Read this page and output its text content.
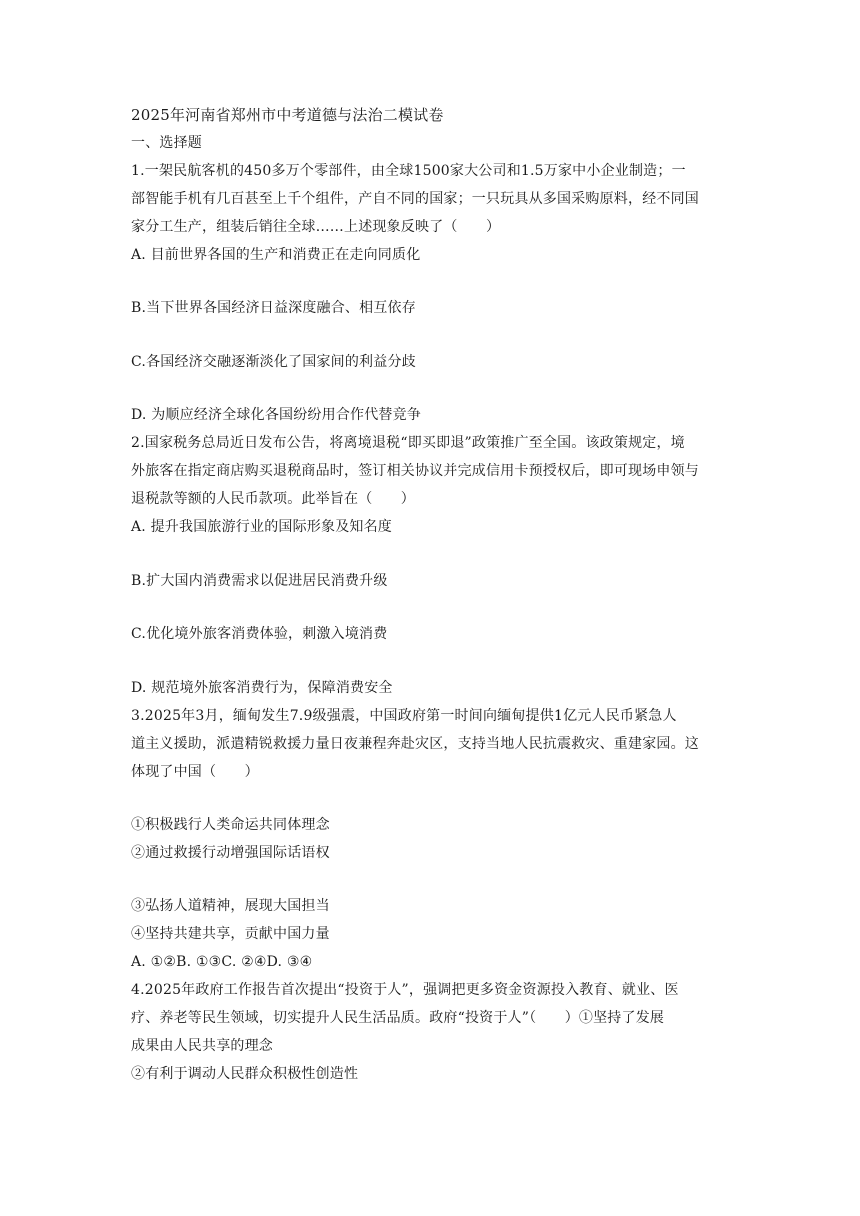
2025年河南省郑州市中考道德与法治二模试卷
一、选择题
1.一架民航客机的450多万个零部件，由全球1500家大公司和1.5万家中小企业制造；一
部智能手机有几百甚至上千个组件，产自不同的国家；一只玩具从多国采购原料，经不同国
家分工生产，组装后销往全球……上述现象反映了（　　）
A. 目前世界各国的生产和消费正在走向同质化
B.当下世界各国经济日益深度融合、相互依存
C.各国经济交融逐渐淡化了国家间的利益分歧
D. 为顺应经济全球化各国纷纷用合作代替竞争
2.国家税务总局近日发布公告，将离境退税“即买即退”政策推广至全国。该政策规定，境
外旅客在指定商店购买退税商品时，签订相关协议并完成信用卡预授权后，即可现场申领与
退税款等额的人民币款项。此举旨在（　　）
A. 提升我国旅游行业的国际形象及知名度
B.扩大国内消费需求以促进居民消费升级
C.优化境外旅客消费体验，刺激入境消费
D. 规范境外旅客消费行为，保障消费安全
3.2025年3月，缅甸发生7.9级强震，中国政府第一时间向缅甸提供1亿元人民币紧急人
道主义援助，派遣精锐救援力量日夜兼程奔赴灾区，支持当地人民抗震救灾、重建家园。这
体现了中国（　　）
①积极践行人类命运共同体理念
②通过救援行动增强国际话语权
③弘扬人道精神，展现大国担当
④坚持共建共享，贡献中国力量
A. ①②B. ①③C. ②④D. ③④
4.2025年政府工作报告首次提出“投资于人”，强调把更多资金资源投入教育、就业、医
疗、养老等民生领域，切实提升人民生活品质。政府“投资于人”（　　）①坚持了发展
成果由人民共享的理念
②有利于调动人民群众积极性创造性
